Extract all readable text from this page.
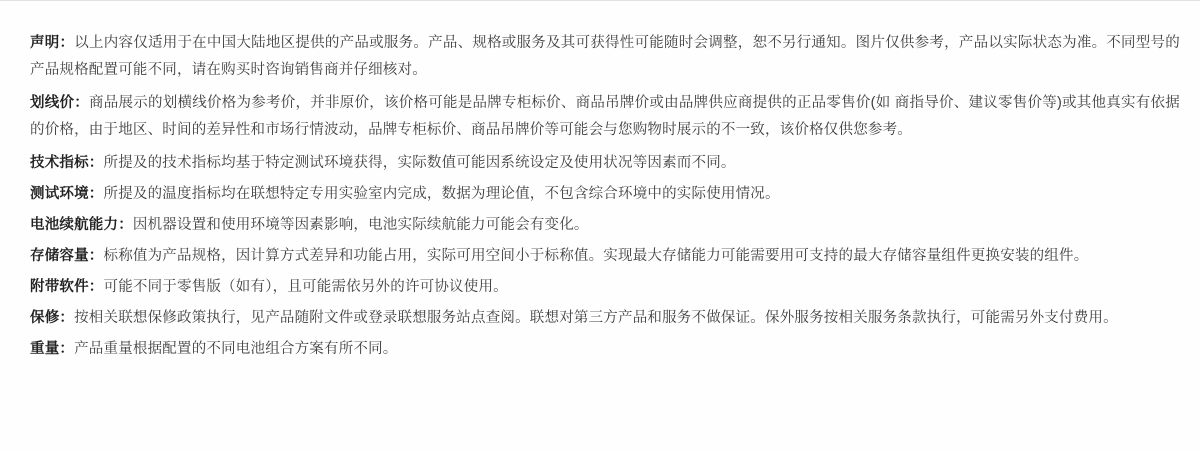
声明：以上内容仅适用于在中国大陆地区提供的产品或服务。产品、规格或服务及其可获得性可能随时会调整，恕不另行通知。图片仅供参考，产品以实际状态为准。不同型号的产品规格配置可能不同，请在购买时咨询销售商并仔细核对。

划线价：商品展示的划横线价格为参考价，并非原价，该价格可能是品牌专柜标价、商品吊牌价或由品牌供应商提供的正品零售价(如 商指导价、建议零售价等)或其他真实有依据的价格，由于地区、时间的差异性和市场行情波动，品牌专柜标价、商品吊牌价等可能会与您购物时展示的不一致，该价格仅供您参考。

技术指标：所提及的技术指标均基于特定测试环境获得，实际数值可能因系统设定及使用状况等因素而不同。

测试环境：所提及的温度指标均在联想特定专用实验室内完成，数据为理论值，不包含综合环境中的实际使用情况。

电池续航能力：因机器设置和使用环境等因素影响，电池实际续航能力可能会有变化。

存储容量：标称值为产品规格，因计算方式差异和功能占用，实际可用空间小于标称值。实现最大存储能力可能需要用可支持的最大存储容量组件更换安装的组件。

附带软件：可能不同于零售版（如有），且可能需依另外的许可协议使用。

保修：按相关联想保修政策执行，见产品随附文件或登录联想服务站点查阅。联想对第三方产品和服务不做保证。保外服务按相关服务条款执行，可能需另外支付费用。

重量：产品重量根据配置的不同电池组合方案有所不同。
